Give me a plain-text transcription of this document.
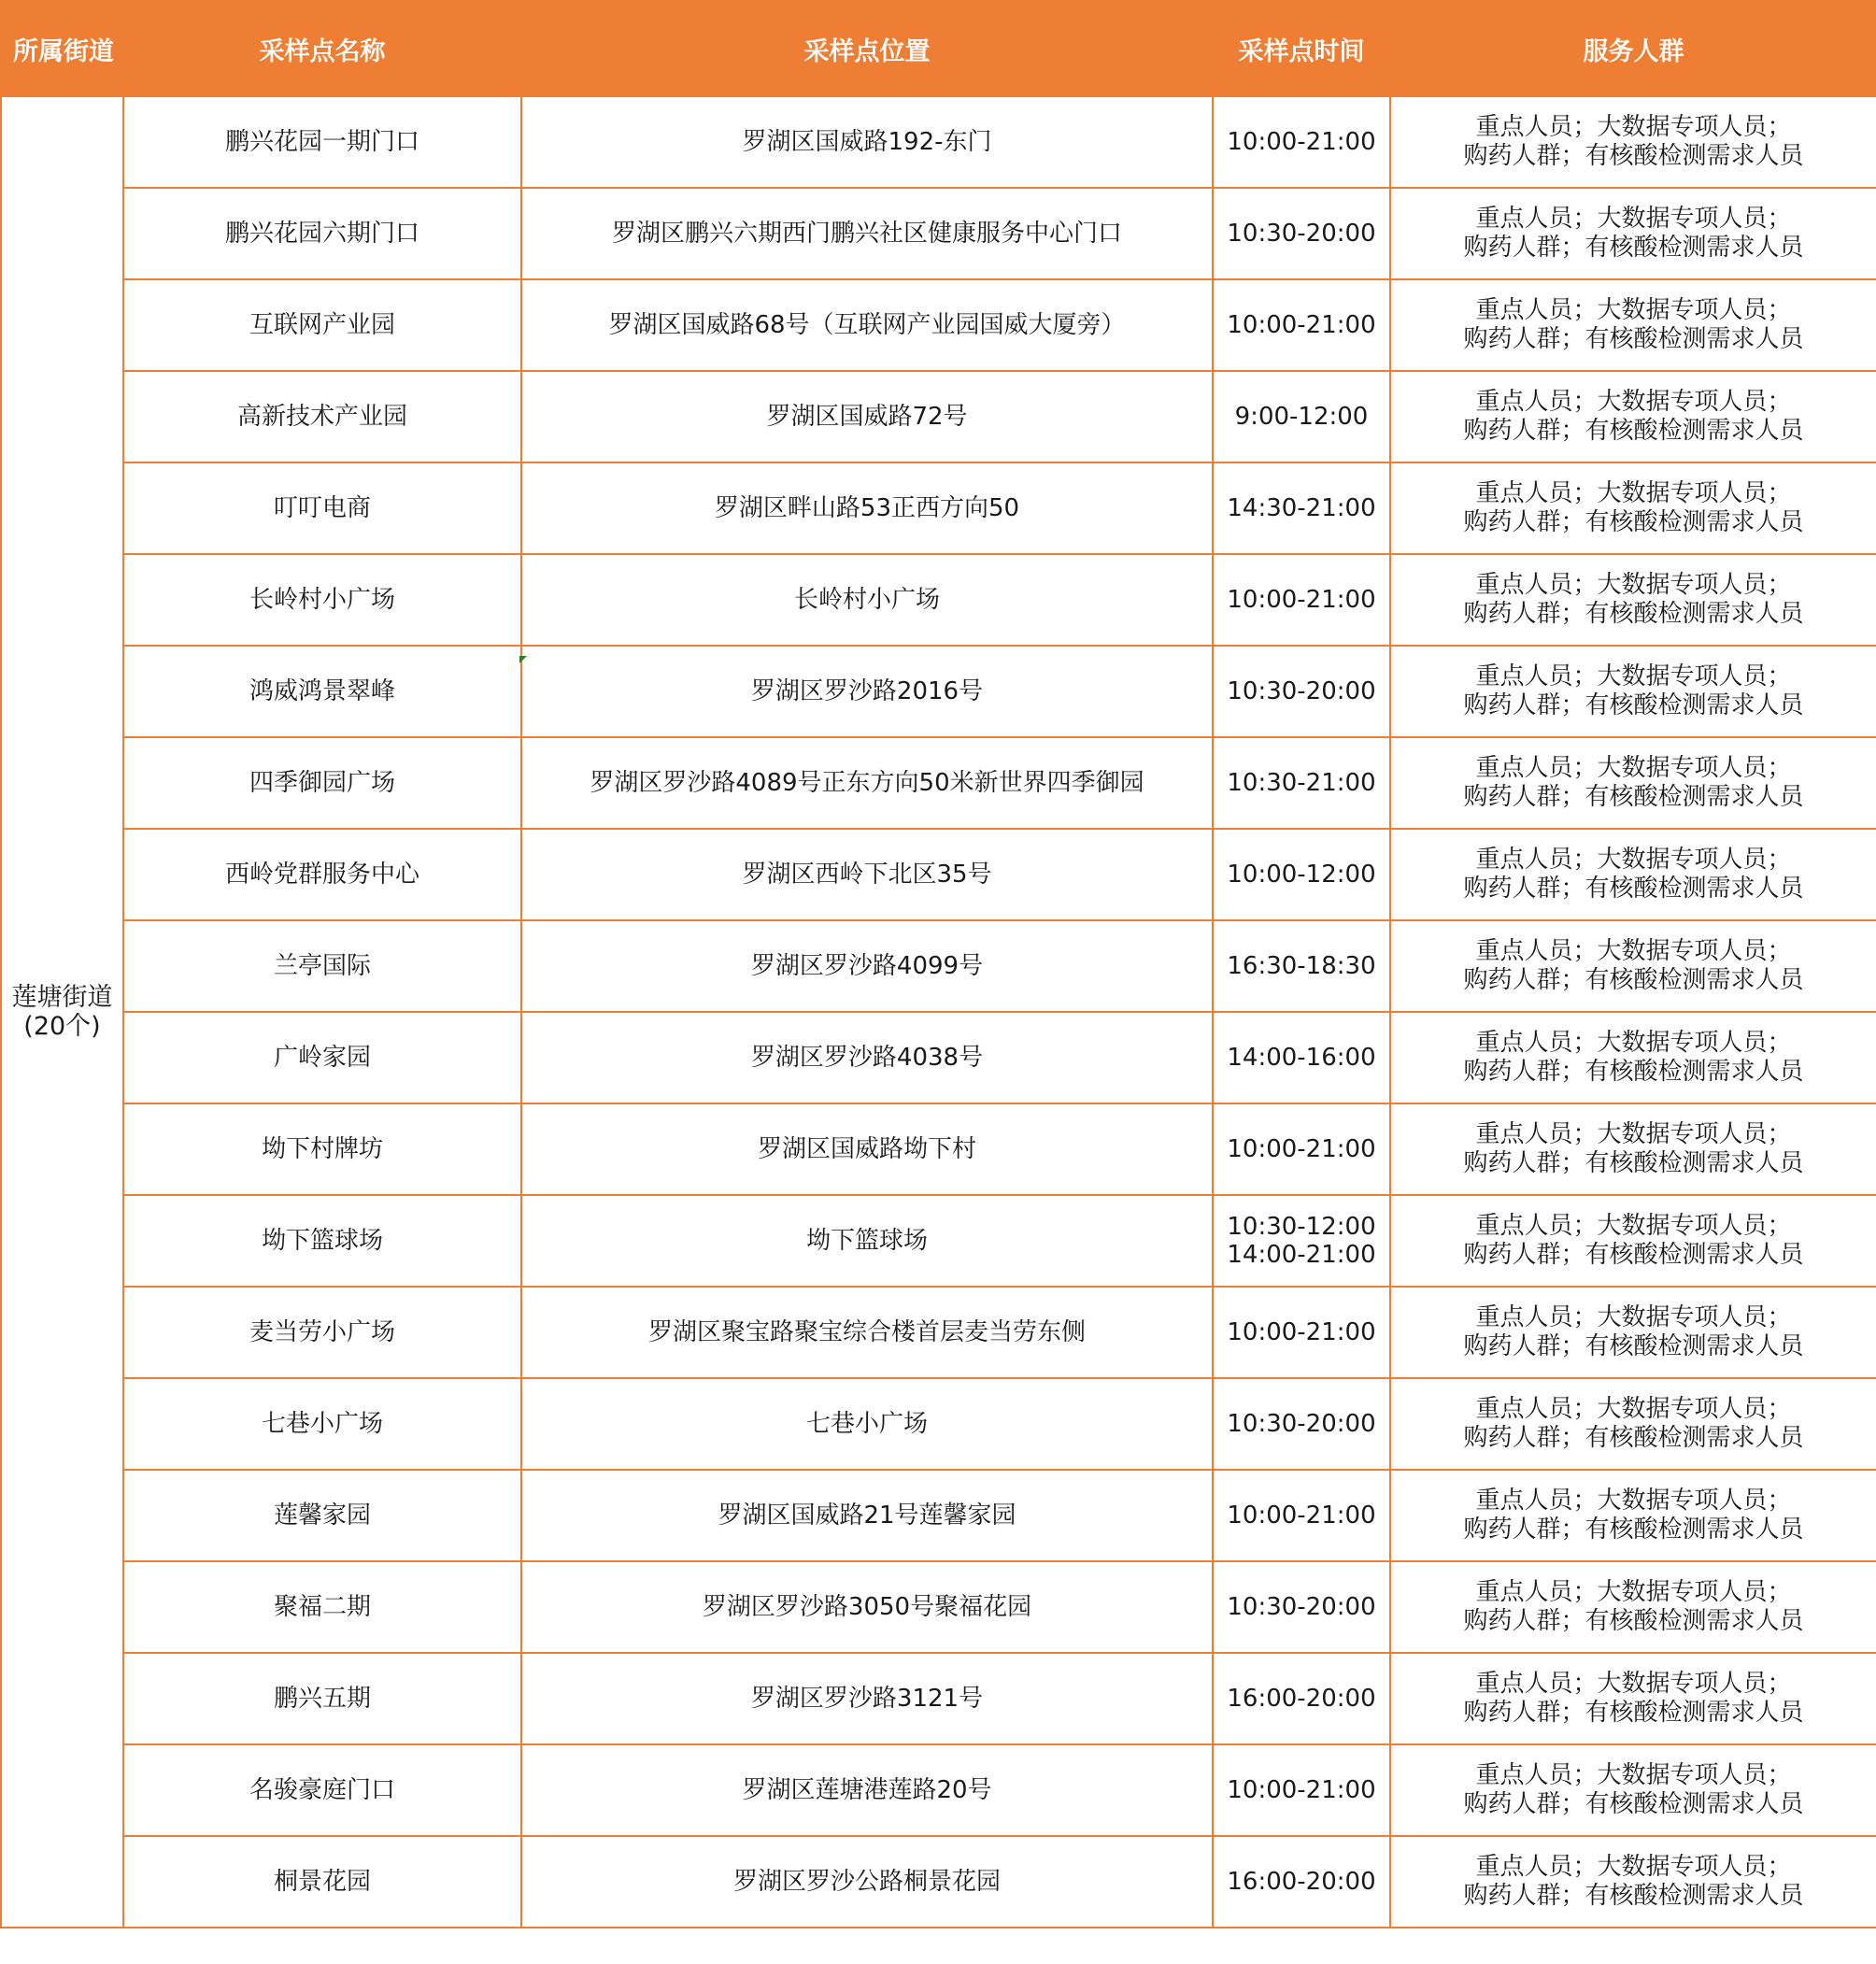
所属街道	采样点名称	采样点位置	采样点时间	服务人群

莲塘街道
(20个)	鹏兴花园一期门口	罗湖区国威路192-东门	10:00-21:00	重点人员；大数据专项人员；
购药人群；有核酸检测需求人员

	鹏兴花园六期门口	罗湖区鹏兴六期西门鹏兴社区健康服务中心门口	10:30-20:00	重点人员；大数据专项人员；
购药人群；有核酸检测需求人员

	互联网产业园	罗湖区国威路68号（互联网产业园国威大厦旁）	10:00-21:00	重点人员；大数据专项人员；
购药人群；有核酸检测需求人员

	高新技术产业园	罗湖区国威路72号	9:00-12:00	重点人员；大数据专项人员；
购药人群；有核酸检测需求人员

	叮叮电商	罗湖区畔山路53正西方向50	14:30-21:00	重点人员；大数据专项人员；
购药人群；有核酸检测需求人员

	长岭村小广场	长岭村小广场	10:00-21:00	重点人员；大数据专项人员；
购药人群；有核酸检测需求人员

	鸿威鸿景翠峰	罗湖区罗沙路2016号	10:30-20:00	重点人员；大数据专项人员；
购药人群；有核酸检测需求人员

	四季御园广场	罗湖区罗沙路4089号正东方向50米新世界四季御园	10:30-21:00	重点人员；大数据专项人员；
购药人群；有核酸检测需求人员

	西岭党群服务中心	罗湖区西岭下北区35号	10:00-12:00	重点人员；大数据专项人员；
购药人群；有核酸检测需求人员

	兰亭国际	罗湖区罗沙路4099号	16:30-18:30	重点人员；大数据专项人员；
购药人群；有核酸检测需求人员

	广岭家园	罗湖区罗沙路4038号	14:00-16:00	重点人员；大数据专项人员；
购药人群；有核酸检测需求人员

	坳下村牌坊	罗湖区国威路坳下村	10:00-21:00	重点人员；大数据专项人员；
购药人群；有核酸检测需求人员

	坳下篮球场	坳下篮球场	10:30-12:00
14:00-21:00	重点人员；大数据专项人员；
购药人群；有核酸检测需求人员

	麦当劳小广场	罗湖区聚宝路聚宝综合楼首层麦当劳东侧	10:00-21:00	重点人员；大数据专项人员；
购药人群；有核酸检测需求人员

	七巷小广场	七巷小广场	10:30-20:00	重点人员；大数据专项人员；
购药人群；有核酸检测需求人员

	莲馨家园	罗湖区国威路21号莲馨家园	10:00-21:00	重点人员；大数据专项人员；
购药人群；有核酸检测需求人员

	聚福二期	罗湖区罗沙路3050号聚福花园	10:30-20:00	重点人员；大数据专项人员；
购药人群；有核酸检测需求人员

	鹏兴五期	罗湖区罗沙路3121号	16:00-20:00	重点人员；大数据专项人员；
购药人群；有核酸检测需求人员

	名骏豪庭门口	罗湖区莲塘港莲路20号	10:00-21:00	重点人员；大数据专项人员；
购药人群；有核酸检测需求人员

	桐景花园	罗湖区罗沙公路桐景花园	16:00-20:00	重点人员；大数据专项人员；
购药人群；有核酸检测需求人员
